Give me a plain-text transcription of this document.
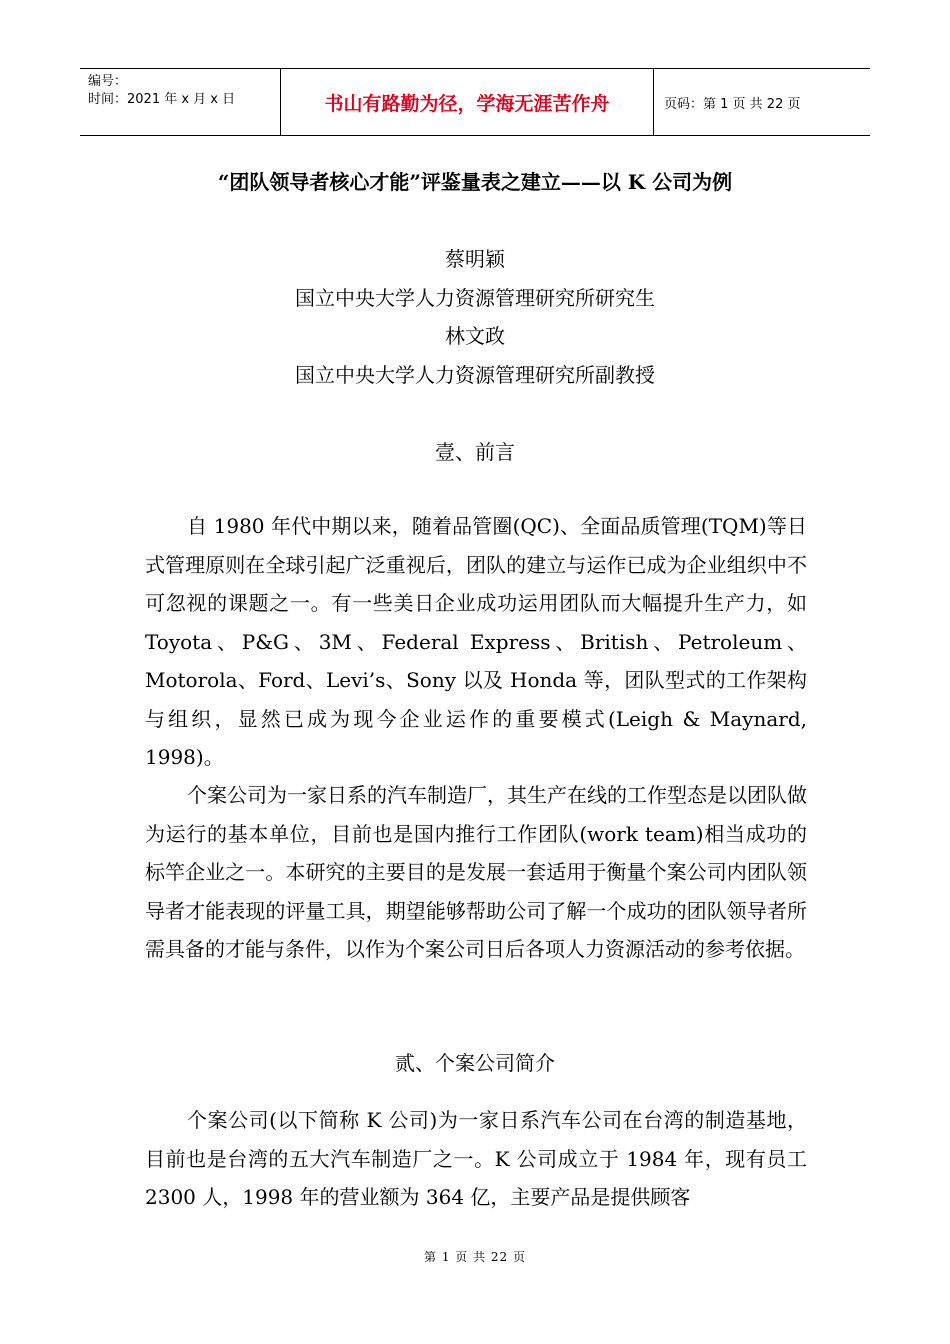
编号：
时间：2021 年 x 月 x 日	书山有路勤为径，学海无涯苦作舟	页码：第 1 页 共 22 页
“团队领导者核心才能”评鉴量表之建立——以 K 公司为例
蔡明颖
国立中央大学人力资源管理研究所研究生
林文政
国立中央大学人力资源管理研究所副教授
壹、前言

自 1980 年代中期以来，随着品管圈(QC)、全面品质管理(TQM)等日式管理原则在全球引起广泛重视后，团队的建立与运作已成为企业组织中不可忽视的课题之一。有一些美日企业成功运用团队而大幅提升生产力，如 Toyota、P&G、3M、Federal Express、British、Petroleum、Motorola、Ford、Levi’s、Sony 以及 Honda 等，团队型式的工作架构与组织，显然已成为现今企业运作的重要模式(Leigh & Maynard, 1998)。

个案公司为一家日系的汽车制造厂，其生产在线的工作型态是以团队做为运行的基本单位，目前也是国内推行工作团队(work team)相当成功的标竿企业之一。本研究的主要目的是发展一套适用于衡量个案公司内团队领导者才能表现的评量工具，期望能够帮助公司了解一个成功的团队领导者所需具备的才能与条件，以作为个案公司日后各项人力资源活动的参考依据。

贰、个案公司简介

个案公司(以下简称 K 公司)为一家日系汽车公司在台湾的制造基地，目前也是台湾的五大汽车制造厂之一。K 公司成立于 1984 年，现有员工 2300 人，1998 年的营业额为 364 亿，主要产品是提供顾客

第 1 页 共 22 页
